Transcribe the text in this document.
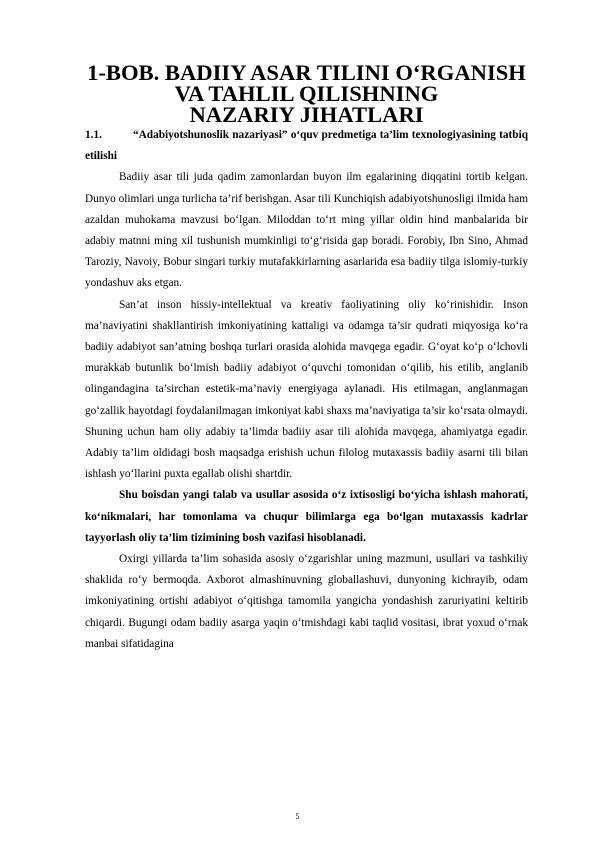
1-BOB. BADIIY ASAR TILINI O‘RGANISH VA TAHLIL QILISHNING
NAZARIY JIHATLARI

1.1.	“Adabiyotshunoslik nazariyasi” o‘quv predmetiga ta’lim texnologiyasining tatbiq etilishi

Badiiy asar tili juda qadim zamonlardan buyon ilm egalarining diqqatini tortib kelgan. Dunyo olimlari unga turlicha ta’rif berishgan. Asar tili Kunchiqish adabiyotshunosligi ilmida ham azaldan muhokama mavzusi bo‘lgan. Miloddan to‘rt ming yillar oldin hind manbalarida bir adabiy matnni ming xil tushunish mumkinligi to‘g‘risida gap boradi. Forobiy, Ibn Sino, Ahmad Taroziy, Navoiy, Bobur singari turkiy mutafakkirlarning asarlarida esa badiiy tilga islomiy-turkiy yondashuv aks etgan.

San’at inson hissiy-intellektual va kreativ faoliyatining oliy ko‘rinishidir. Inson ma’naviyatini shakllantirish imkoniyatining kattaligi va odamga ta’sir qudrati miqyosiga ko‘ra badiiy adabiyot san’atning boshqa turlari orasida alohida mavqega egadir. G‘oyat ko‘p o‘lchovli murakkab butunlik bo‘lmish badiiy adabiyot o‘quvchi tomonidan o‘qilib, his etilib, anglanib olingandagina ta’sirchan estetik-ma’naviy energiyaga aylanadi. His etilmagan, anglanmagan go‘zallik hayotdagi foydalanilmagan imkoniyat kabi shaxs ma’naviyatiga ta’sir ko‘rsata olmaydi. Shuning uchun ham oliy adabiy ta’limda badiiy asar tili alohida mavqega, ahamiyatga egadir. Adabiy ta’lim oldidagi bosh maqsadga erishish uchun filolog mutaxassis badiiy asarni tili bilan ishlash yo‘llarini puxta egallab olishi shartdir.

Shu boisdan yangi talab va usullar asosida o‘z ixtisosligi bo‘yicha ishlash mahorati, ko‘nikmalari, har tomonlama va chuqur bilimlarga ega bo‘lgan mutaxassis kadrlar tayyorlash oliy ta’lim tizimining bosh vazifasi hisoblanadi.

Oxirgi yillarda ta’lim sohasida asosiy o‘zgarishlar uning mazmuni, usullari va tashkiliy shaklida ro‘y bermoqda. Axborot almashinuvning globallashuvi, dunyoning kichrayib, odam imkoniyatining ortishi adabiyot o‘qitishga tamomila yangicha yondashish zaruriyatini keltirib chiqardi. Bugungi odam badiiy asarga yaqin o‘tmishdagi kabi taqlid vositasi, ibrat yoxud o‘rnak manbai sifatidagina

5
